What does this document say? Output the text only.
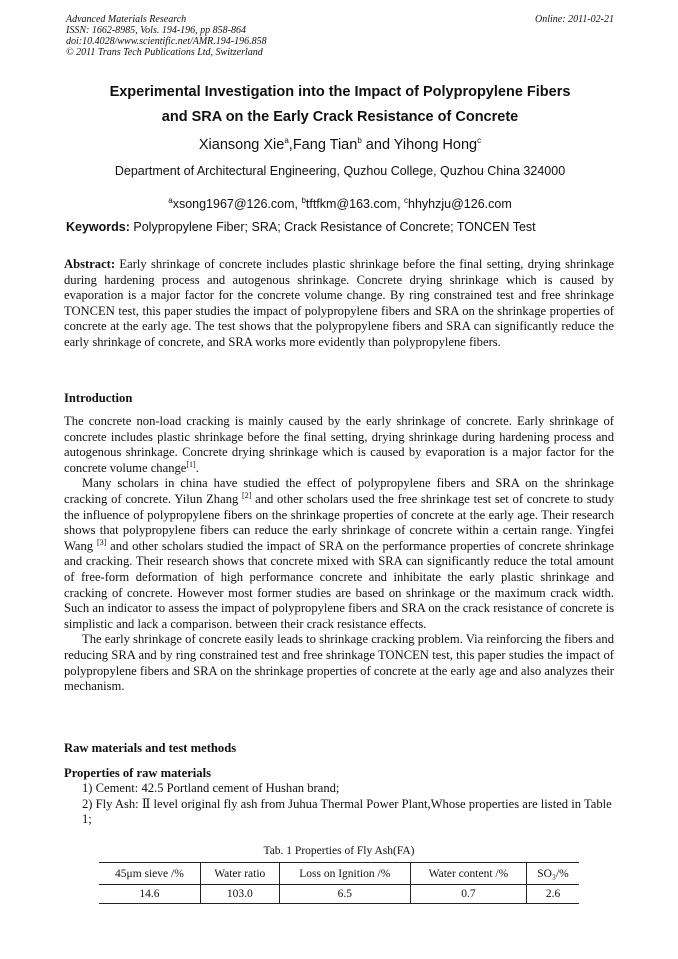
Advanced Materials Research
ISSN: 1662-8985, Vols. 194-196, pp 858-864
doi:10.4028/www.scientific.net/AMR.194-196.858
© 2011 Trans Tech Publications Ltd, Switzerland
Online: 2011-02-21
Experimental Investigation into the Impact of Polypropylene Fibers
and SRA on the Early Crack Resistance of Concrete
Xiansong Xie$^a$,Fang Tian$^b$ and Yihong Hong$^c$
Department of Architectural Engineering, Quzhou College, Quzhou China 324000

$^a$xsong1967@126.com, $^b$tftfkm@163.com, $^c$hhyhzju@126.com
Keywords: Polypropylene Fiber; SRA; Crack Resistance of Concrete; TONCEN Test

Abstract: Early shrinkage of concrete includes plastic shrinkage before the final setting, drying shrinkage during hardening process and autogenous shrinkage. Concrete drying shrinkage which is caused by evaporation is a major factor for the concrete volume change. By ring constrained test and free shrinkage TONCEN test, this paper studies the impact of polypropylene fibers and SRA on the shrinkage properties of concrete at the early age. The test shows that the polypropylene fibers and SRA can significantly reduce the early shrinkage of concrete, and SRA works more evidently than polypropylene fibers.

Introduction

The concrete non-load cracking is mainly caused by the early shrinkage of concrete. Early shrinkage of concrete includes plastic shrinkage before the final setting, drying shrinkage during hardening process and autogenous shrinkage. Concrete drying shrinkage which is caused by evaporation is a major factor for the concrete volume change[1].

Many scholars in china have studied the effect of polypropylene fibers and SRA on the shrinkage cracking of concrete. Yilun Zhang [2] and other scholars used the free shrinkage test set of concrete to study the influence of polypropylene fibers on the shrinkage properties of concrete at the early age. Their research shows that polypropylene fibers can reduce the early shrinkage of concrete within a certain range. Yingfei Wang [3] and other scholars studied the impact of SRA on the performance properties of concrete shrinkage and cracking. Their research shows that concrete mixed with SRA can significantly reduce the total amount of free-form deformation of high performance concrete and inhibitate the early plastic shrinkage and cracking of concrete. However most former studies are based on shrinkage or the maximum crack width. Such an indicator to assess the impact of polypropylene fibers and SRA on the crack resistance of concrete is simplistic and lack a comparison. between their crack resistance effects.

The early shrinkage of concrete easily leads to shrinkage cracking problem. Via reinforcing the fibers and reducing SRA and by ring constrained test and free shrinkage TONCEN test, this paper studies the impact of polypropylene fibers and SRA on the shrinkage properties of concrete at the early age and also analyzes their mechanism.

Raw materials and test methods
Properties of raw materials
1) Cement: 42.5 Portland cement of Hushan brand;
2) Fly Ash: Ⅱ level original fly ash from Juhua Thermal Power Plant,Whose properties are listed in Table 1;
Tab. 1 Properties of Fly Ash(FA)
45μm sieve /%	Water ratio	Loss on Ignition /%	Water content /%	SO₃/%
14.6	103.0	6.5	0.7	2.6
